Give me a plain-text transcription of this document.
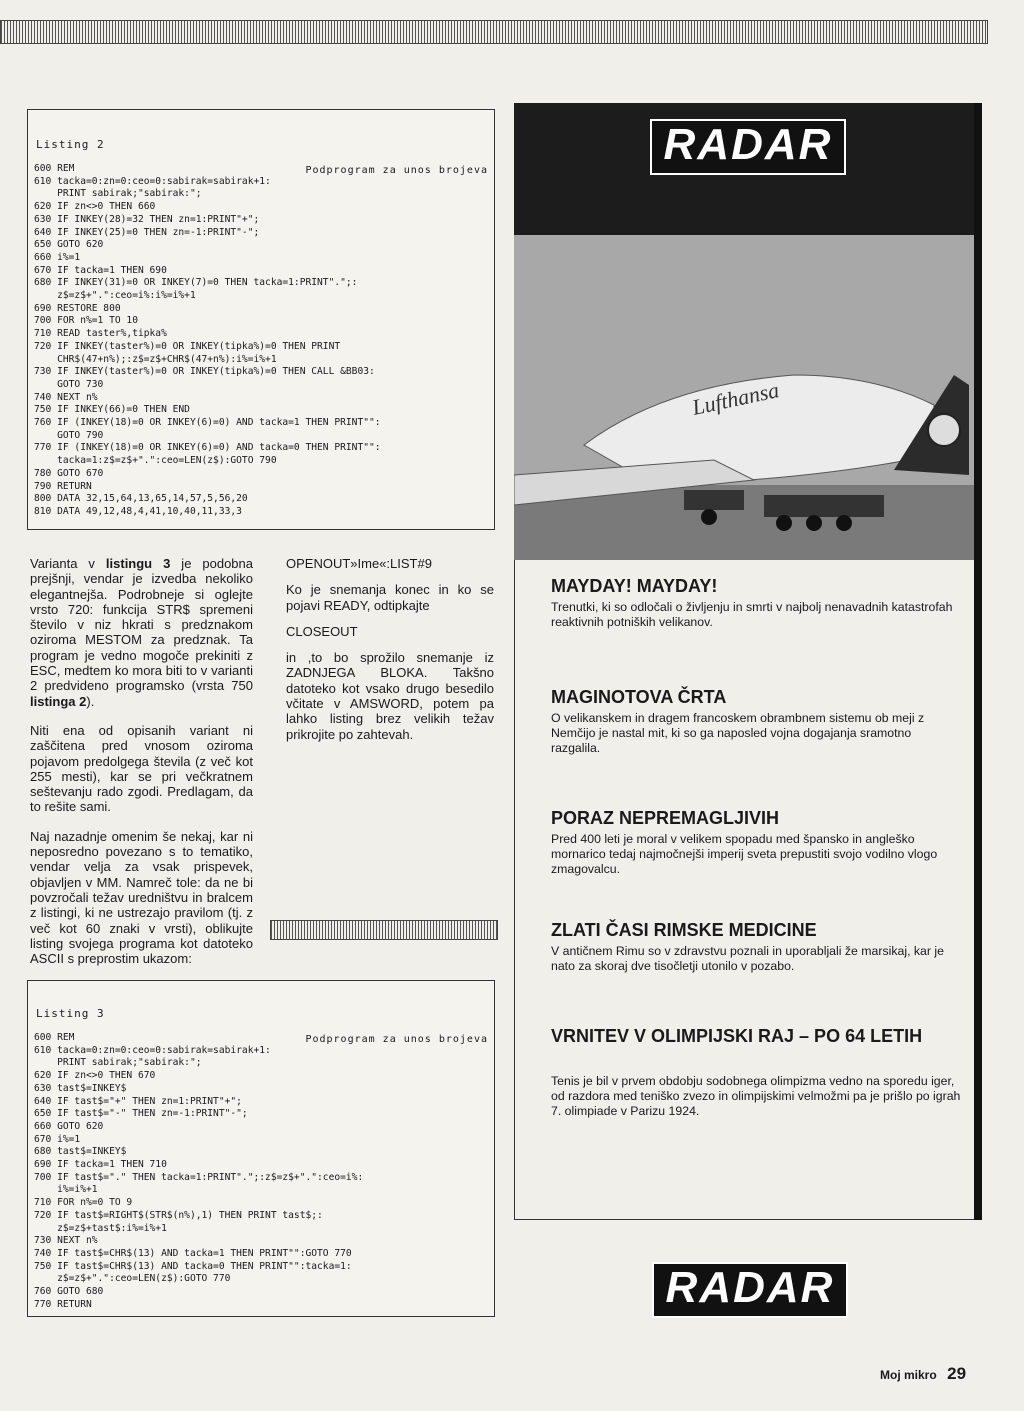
Listing 2
Podprogram za unos brojeva
600 REM
610 tacka=0:zn=0:ceo=0:sabirak=sabirak+1:
PRINT sabirak;"sabirak:";
620 IF zn<>0 THEN 660
630 IF INKEY(28)=32 THEN zn=1:PRINT"+";
640 IF INKEY(25)=0 THEN zn=-1:PRINT"-";
650 GOTO 620
660 i%=1
670 IF tacka=1 THEN 690
680 IF INKEY(31)=0 OR INKEY(7)=0 THEN tacka=1:PRINT".";:
z$=z$+".":ceo=i%:i%=i%+1
690 RESTORE 800
700 FOR n%=1 TO 10
710 READ taster%,tipka%
720 IF INKEY(taster%)=0 OR INKEY(tipka%)=0 THEN PRINT
CHR$(47+n%);:z$=z$+CHR$(47+n%):i%=i%+1
730 IF INKEY(taster%)=0 OR INKEY(tipka%)=0 THEN CALL &BB03:
GOTO 730
740 NEXT n%
750 IF INKEY(66)=0 THEN END
760 IF (INKEY(18)=0 OR INKEY(6)=0) AND tacka=1 THEN PRINT"":
GOTO 790
770 IF (INKEY(18)=0 OR INKEY(6)=0) AND tacka=0 THEN PRINT"":
tacka=1:z$=z$+".":ceo=LEN(z$):GOTO 790
780 GOTO 670
790 RETURN
800 DATA 32,15,64,13,65,14,57,5,56,20
810 DATA 49,12,48,4,41,10,40,11,33,3

Varianta v listingu 3 je podobna prejšnji, vendar je izvedba nekoliko elegantnejša. Podrobneje si oglejte vrsto 720: funkcija STR$ spremeni število v niz hkrati s predznakom oziroma MESTOM za predznak. Ta program je vedno mogoče prekiniti z ESC, medtem ko mora biti to v varianti 2 predvideno programsko (vrsta 750 listinga 2).

Niti ena od opisanih variant ni zaščitena pred vnosom oziroma pojavom predolgega števila (z več kot 255 mesti), kar se pri večkratnem seštevanju rado zgodi. Predlagam, da to rešite sami.

Naj nazadnje omenim še nekaj, kar ni neposredno povezano s to tematiko, vendar velja za vsak prispevek, objavljen v MM. Namreč tole: da ne bi povzročali težav uredništvu in bralcem z listingi, ki ne ustrezajo pravilom (tj. z več kot 60 znaki v vrsti), oblikujte listing svojega programa kot datoteko ASCII s preprostim ukazom:

OPENOUT»Ime«:LIST#9

Ko je snemanja konec in ko se pojavi READY, odtipkajte

CLOSEOUT

in ,to bo sprožilo snemanje iz ZADNJEGA BLOKA. Takšno datoteko kot vsako drugo besedilo včitate v AMSWORD, potem pa lahko listing brez velikih težav prikrojite po zahtevah.

Listing 3
Podprogram za unos brojeva
600 REM
610 tacka=0:zn=0:ceo=0:sabirak=sabirak+1:
PRINT sabirak;"sabirak:";
620 IF zn<>0 THEN 670
630 tast$=INKEY$
640 IF tast$="+" THEN zn=1:PRINT"+";
650 IF tast$="-" THEN zn=-1:PRINT"-";
660 GOTO 620
670 i%=1
680 tast$=INKEY$
690 IF tacka=1 THEN 710
700 IF tast$="." THEN tacka=1:PRINT".";:z$=z$+".":ceo=i%:
i%=i%+1
710 FOR n%=0 TO 9
720 IF tast$=RIGHT$(STR$(n%),1) THEN PRINT tast$;:
z$=z$+tast$:i%=i%+1
730 NEXT n%
740 IF tast$=CHR$(13) AND tacka=1 THEN PRINT"":GOTO 770
750 IF tast$=CHR$(13) AND tacka=0 THEN PRINT"":tacka=1:
z$=z$+".":ceo=LEN(z$):GOTO 770
760 GOTO 680
770 RETURN
RADAR
Lufthansa
MAYDAY! MAYDAY!
Trenutki, ki so odločali o življenju in smrti v najbolj nenavadnih katastrofah reaktivnih potniških velikanov.
MAGINOTOVA ČRTA
O velikanskem in dragem francoskem obrambnem sistemu ob meji z Nemčijo je nastal mit, ki so ga naposled vojna dogajanja sramotno razgalila.
PORAZ NEPREMAGLJIVIH
Pred 400 leti je moral v velikem spopadu med špansko in angleško mornarico tedaj najmočnejši imperij sveta prepustiti svojo vodilno vlogo zmagovalcu.
ZLATI ČASI RIMSKE MEDICINE
V antičnem Rimu so v zdravstvu poznali in uporabljali že marsikaj, kar je nato za skoraj dve tisočletji utonilo v pozabo.
VRNITEV V OLIMPIJSKI RAJ – PO 64 LETIH
Tenis je bil v prvem obdobju sodobnega olimpizma vedno na sporedu iger, od razdora med teniško zvezo in olimpijskimi velmožmi pa je prišlo po igrah 7. olimpiade v Parizu 1924.
RADAR
Moj mikro 29
